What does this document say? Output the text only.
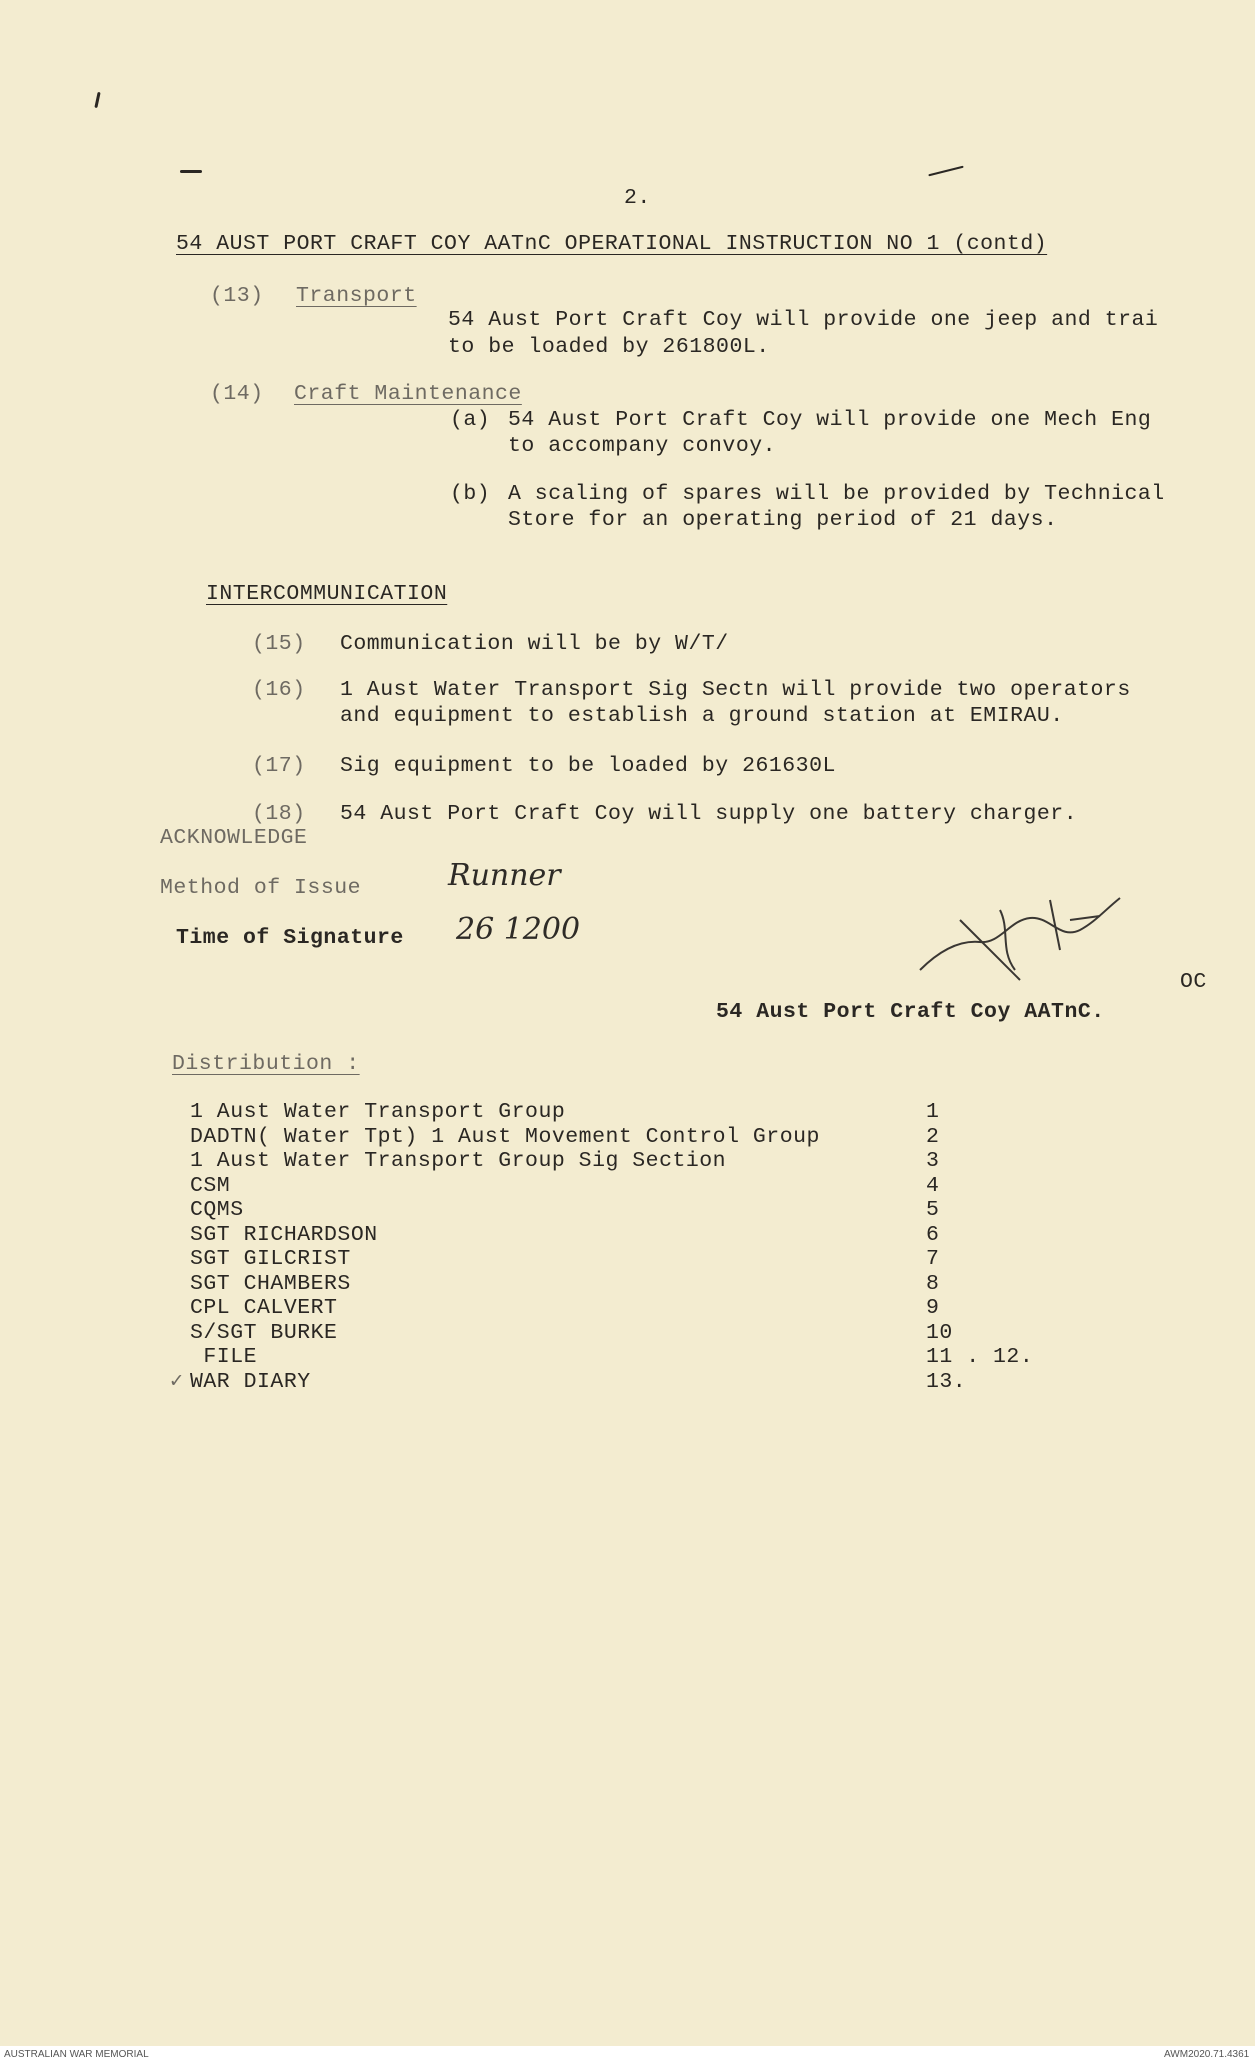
2.
54 AUST PORT CRAFT COY AATnC OPERATIONAL INSTRUCTION NO 1 (contd)
(13) Transport
54 Aust Port Craft Coy will provide one jeep and trai
to be loaded by 261800L.
(14) Craft Maintenance
(a) 54 Aust Port Craft Coy will provide one Mech Eng
to accompany convoy.
(b) A scaling of spares will be provided by Technical
Store for an operating period of 21 days.
INTERCOMMUNICATION
(15) Communication will be by W/T/
(16) 1 Aust Water Transport Sig Sectn will provide two operators
and equipment to establish a ground station at EMIRAU.
(17) Sig equipment to be loaded by 261630L
(18) 54 Aust Port Craft Coy will supply one battery charger.
ACKNOWLEDGE
Method of Issue	Runner
Time of Signature 26 1200
OC
54 Aust Port Craft Coy AATnC.
Distribution :
1 Aust Water Transport Group	1
DADTN( Water Tpt) 1 Aust Movement Control Group	2
1 Aust Water Transport Group Sig Section	3
CSM	4
CQMS	5
SGT RICHARDSON	6
SGT GILCRIST	7
SGT CHAMBERS	8
CPL CALVERT	9
S/SGT BURKE	10
FILE	11 . 12.
✓ WAR DIARY	13.
AUSTRALIAN WAR MEMORIAL	AWM2020.71.4361
